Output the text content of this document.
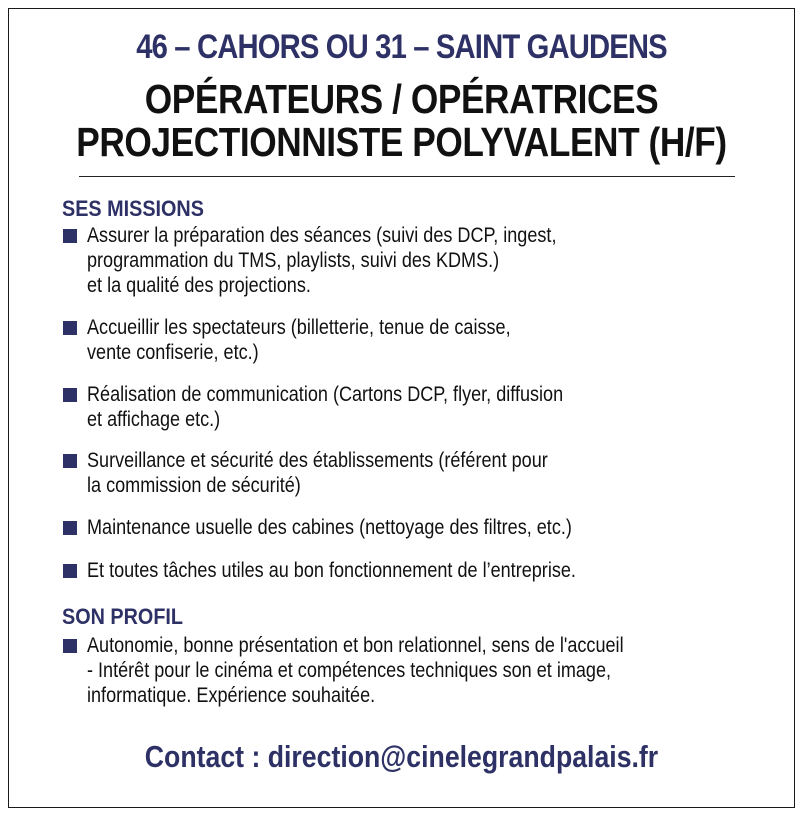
46 – CAHORS OU 31 – SAINT GAUDENS
OPÉRATEURS / OPÉRATRICES
PROJECTIONNISTE POLYVALENT (H/F)
SES MISSIONS
Assurer la préparation des séances (suivi des DCP, ingest,
programmation du TMS, playlists, suivi des KDMS.)
et la qualité des projections.
Accueillir les spectateurs (billetterie, tenue de caisse,
vente confiserie, etc.)
Réalisation de communication (Cartons DCP, flyer, diffusion
et affichage etc.)
Surveillance et sécurité des établissements (référent pour
la commission de sécurité)
Maintenance usuelle des cabines (nettoyage des filtres, etc.)
Et toutes tâches utiles au bon fonctionnement de l’entreprise.
SON PROFIL
Autonomie, bonne présentation et bon relationnel, sens de l'accueil
- Intérêt pour le cinéma et compétences techniques son et image,
informatique. Expérience souhaitée.
Contact : direction@cinelegrandpalais.fr
